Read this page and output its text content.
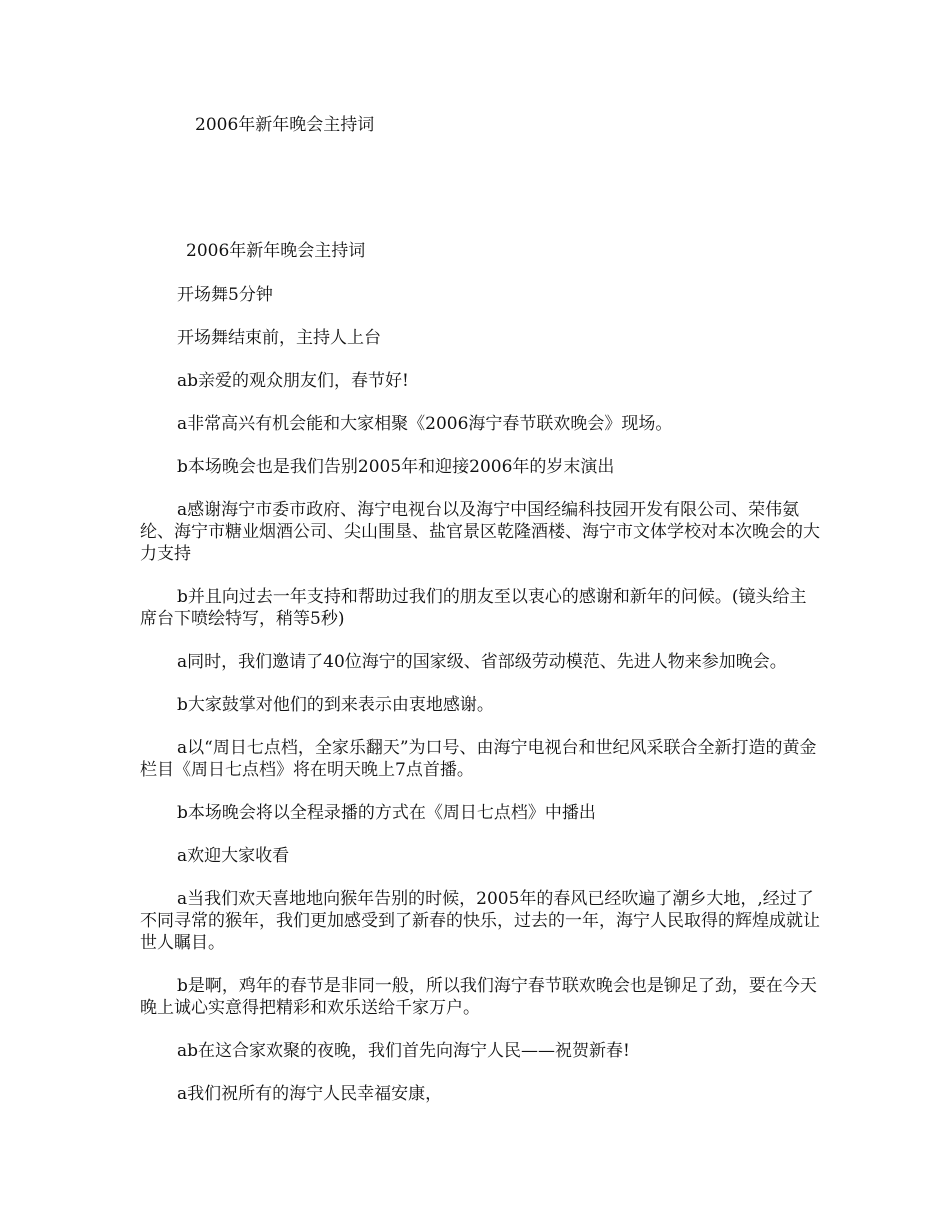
2006年新年晚会主持词
2006年新年晚会主持词

开场舞5分钟

开场舞结束前，主持人上台

ab亲爱的观众朋友们，春节好!

a非常高兴有机会能和大家相聚《2006海宁春节联欢晚会》现场。

b本场晚会也是我们告别2005年和迎接2006年的岁末演出

a感谢海宁市委市政府、海宁电视台以及海宁中国经编科技园开发有限公司、荣伟氨纶、海宁市糖业烟酒公司、尖山围垦、盐官景区乾隆酒楼、海宁市文体学校对本次晚会的大力支持

b并且向过去一年支持和帮助过我们的朋友至以衷心的感谢和新年的问候。(镜头给主席台下喷绘特写，稍等5秒)

a同时，我们邀请了40位海宁的国家级、省部级劳动模范、先进人物来参加晚会。

b大家鼓掌对他们的到来表示由衷地感谢。

a以“周日七点档，全家乐翻天”为口号、由海宁电视台和世纪风采联合全新打造的黄金栏目《周日七点档》将在明天晚上7点首播。

b本场晚会将以全程录播的方式在《周日七点档》中播出

a欢迎大家收看

a当我们欢天喜地地向猴年告别的时候，2005年的春风已经吹遍了潮乡大地，,经过了不同寻常的猴年，我们更加感受到了新春的快乐，过去的一年，海宁人民取得的辉煌成就让世人瞩目。

b是啊，鸡年的春节是非同一般，所以我们海宁春节联欢晚会也是铆足了劲，要在今天晚上诚心实意得把精彩和欢乐送给千家万户。

ab在这合家欢聚的夜晚，我们首先向海宁人民——祝贺新春!

a我们祝所有的海宁人民幸福安康，
